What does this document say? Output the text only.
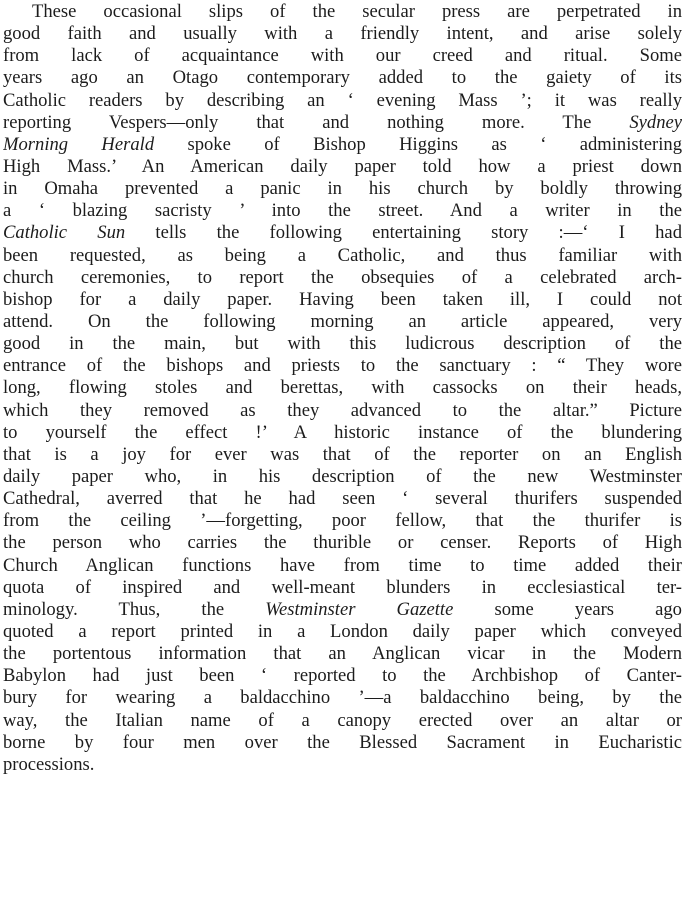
These occasional slips of the secular press are perpetrated in
good faith and usually with a friendly intent, and arise solely
from lack of acquaintance with our creed and ritual. Some
years ago an Otago contemporary added to the gaiety of its
Catholic readers by describing an ‘ evening Mass ’; it was really
reporting Vespers—only that and nothing more. The Sydney
Morning Herald spoke of Bishop Higgins as ‘ administering
High Mass.’ An American daily paper told how a priest down
in Omaha prevented a panic in his church by boldly throwing
a ‘ blazing sacristy ’ into the street. And a writer in the
Catholic Sun tells the following entertaining story :—‘ I had
been requested, as being a Catholic, and thus familiar with
church ceremonies, to report the obsequies of a celebrated arch-
bishop for a daily paper. Having been taken ill, I could not
attend. On the following morning an article appeared, very
good in the main, but with this ludicrous description of the
entrance of the bishops and priests to the sanctuary : “ They wore
long, flowing stoles and berettas, with cassocks on their heads,
which they removed as they advanced to the altar.” Picture
to yourself the effect !’ A historic instance of the blundering
that is a joy for ever was that of the reporter on an English
daily paper who, in his description of the new Westminster
Cathedral, averred that he had seen ‘ several thurifers suspended
from the ceiling ’—forgetting, poor fellow, that the thurifer is
the person who carries the thurible or censer. Reports of High
Church Anglican functions have from time to time added their
quota of inspired and well-meant blunders in ecclesiastical ter-
minology. Thus, the Westminster Gazette some years ago
quoted a report printed in a London daily paper which conveyed
the portentous information that an Anglican vicar in the Modern
Babylon had just been ‘ reported to the Archbishop of Canter-
bury for wearing a baldacchino ’—a baldacchino being, by the
way, the Italian name of a canopy erected over an altar or
borne by four men over the Blessed Sacrament in Eucharistic
processions.
